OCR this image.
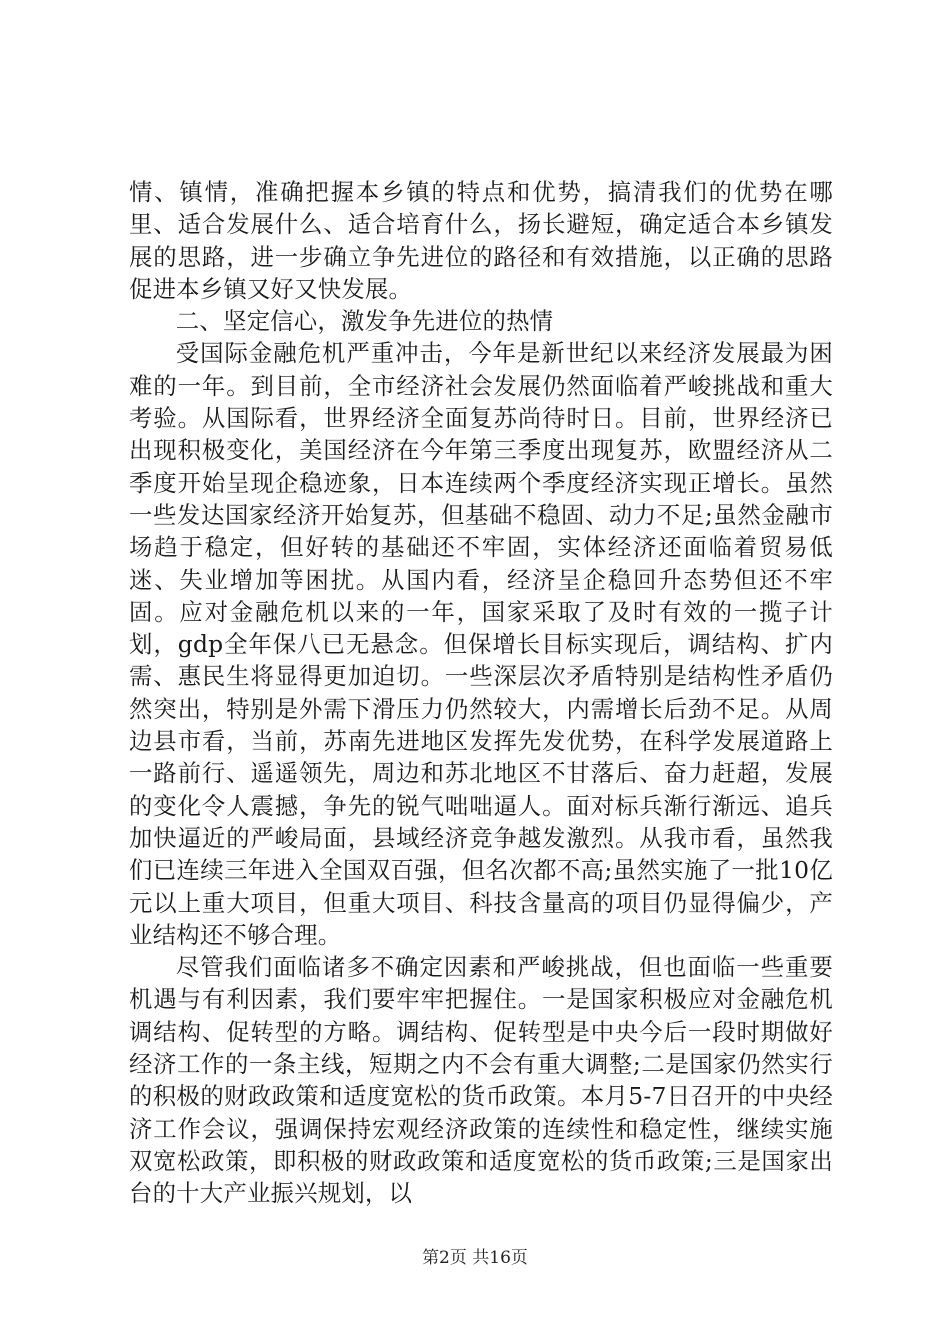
情、镇情，准确把握本乡镇的特点和优势，搞清我们的优势在哪里、适合发展什么、适合培育什么，扬长避短，确定适合本乡镇发展的思路，进一步确立争先进位的路径和有效措施，以正确的思路促进本乡镇又好又快发展。

二、坚定信心，激发争先进位的热情

受国际金融危机严重冲击，今年是新世纪以来经济发展最为困难的一年。到目前，全市经济社会发展仍然面临着严峻挑战和重大考验。从国际看，世界经济全面复苏尚待时日。目前，世界经济已出现积极变化，美国经济在今年第三季度出现复苏，欧盟经济从二季度开始呈现企稳迹象，日本连续两个季度经济实现正增长。虽然一些发达国家经济开始复苏，但基础不稳固、动力不足;虽然金融市场趋于稳定，但好转的基础还不牢固，实体经济还面临着贸易低迷、失业增加等困扰。从国内看，经济呈企稳回升态势但还不牢固。应对金融危机以来的一年，国家采取了及时有效的一揽子计划，gdp全年保八已无悬念。但保增长目标实现后，调结构、扩内需、惠民生将显得更加迫切。一些深层次矛盾特别是结构性矛盾仍然突出，特别是外需下滑压力仍然较大，内需增长后劲不足。从周边县市看，当前，苏南先进地区发挥先发优势，在科学发展道路上一路前行、遥遥领先，周边和苏北地区不甘落后、奋力赶超，发展的变化令人震撼，争先的锐气咄咄逼人。面对标兵渐行渐远、追兵加快逼近的严峻局面，县域经济竞争越发激烈。从我市看，虽然我们已连续三年进入全国双百强，但名次都不高;虽然实施了一批10亿元以上重大项目，但重大项目、科技含量高的项目仍显得偏少，产业结构还不够合理。

尽管我们面临诸多不确定因素和严峻挑战，但也面临一些重要机遇与有利因素，我们要牢牢把握住。一是国家积极应对金融危机调结构、促转型的方略。调结构、促转型是中央今后一段时期做好经济工作的一条主线，短期之内不会有重大调整;二是国家仍然实行的积极的财政政策和适度宽松的货币政策。本月5-7日召开的中央经济工作会议，强调保持宏观经济政策的连续性和稳定性，继续实施双宽松政策，即积极的财政政策和适度宽松的货币政策;三是国家出台的十大产业振兴规划，以

第2页 共16页
